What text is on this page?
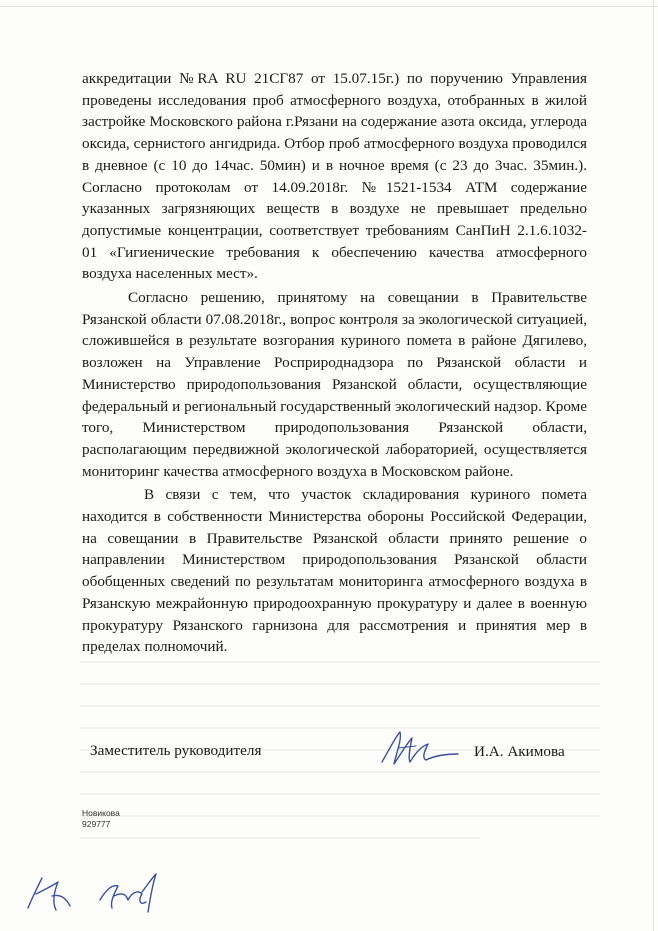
аккредитации №RA RU 21СГ87 от 15.07.15г.) по поручению Управления проведены исследования проб атмосферного воздуха, отобранных в жилой застройке Московского района г.Рязани на содержание азота оксида, углерода оксида, сернистого ангидрида. Отбор проб атмосферного воздуха проводился в дневное (с 10 до 14час. 50мин) и в ночное время (с 23 до 3час. 35мин.). Согласно протоколам от 14.09.2018г. №1521-1534 АТМ содержание указанных загрязняющих веществ в воздухе не превышает предельно допустимые концентрации, соответствует требованиям СанПиН 2.1.6.1032-01 «Гигиенические требования к обеспечению качества атмосферного воздуха населенных мест».

Согласно решению, принятому на совещании в Правительстве Рязанской области 07.08.2018г., вопрос контроля за экологической ситуацией, сложившейся в результате возгорания куриного помета в районе Дягилево, возложен на Управление Росприроднадзора по Рязанской области и Министерство природопользования Рязанской области, осуществляющие федеральный и региональный государственный экологический надзор. Кроме того, Министерством природопользования Рязанской области, располагающим передвижной экологической лабораторией, осуществляется мониторинг качества атмосферного воздуха в Московском районе.

В связи с тем, что участок складирования куриного помета находится в собственности Министерства обороны Российской Федерации, на совещании в Правительстве Рязанской области принято решение о направлении Министерством природопользования Рязанской области обобщенных сведений по результатам мониторинга атмосферного воздуха в Рязанскую межрайонную природоохранную прокуратуру и далее в военную прокуратуру Рязанского гарнизона для рассмотрения и принятия мер в пределах полномочий.

Заместитель руководителя	И.А. Акимова
Новикова
929777
